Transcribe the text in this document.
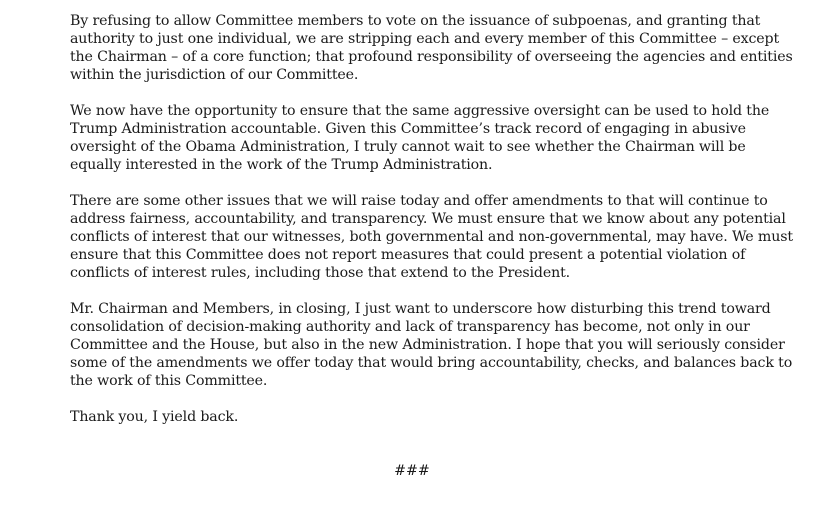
By refusing to allow Committee members to vote on the issuance of subpoenas, and granting that authority to just one individual, we are stripping each and every member of this Committee – except the Chairman – of a core function; that profound responsibility of overseeing the agencies and entities within the jurisdiction of our Committee.

We now have the opportunity to ensure that the same aggressive oversight can be used to hold the Trump Administration accountable. Given this Committee’s track record of engaging in abusive oversight of the Obama Administration, I truly cannot wait to see whether the Chairman will be equally interested in the work of the Trump Administration.

There are some other issues that we will raise today and offer amendments to that will continue to address fairness, accountability, and transparency. We must ensure that we know about any potential conflicts of interest that our witnesses, both governmental and non-governmental, may have. We must ensure that this Committee does not report measures that could present a potential violation of conflicts of interest rules, including those that extend to the President.

Mr. Chairman and Members, in closing, I just want to underscore how disturbing this trend toward consolidation of decision-making authority and lack of transparency has become, not only in our Committee and the House, but also in the new Administration. I hope that you will seriously consider some of the amendments we offer today that would bring accountability, checks, and balances back to the work of this Committee.

Thank you, I yield back.

###
